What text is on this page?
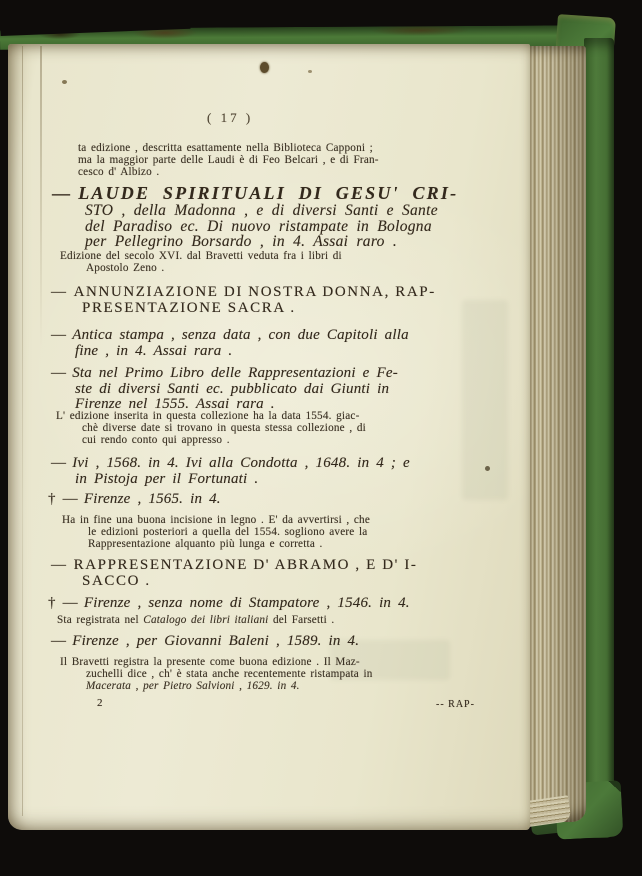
( 17 )
ta edizione , descritta esattamente nella Biblioteca Capponi ;
ma la maggior parte delle Laudi è di Feo Belcari , e di Fran-
cesco d' Albizo .
— LAUDE SPIRITUALI DI GESU' CRI-
STO , della Madonna , e di diversi Santi e Sante
del Paradiso ec. Di nuovo ristampate in Bologna
per Pellegrino Borsardo , in 4. Assai raro .
Edizione del secolo XVI. dal Bravetti veduta fra i libri di
Apostolo Zeno .
— ANNUNZIAZIONE DI NOSTRA DONNA, RAP-
PRESENTAZIONE SACRA .
— Antica stampa , senza data , con due Capitoli alla
fine , in 4. Assai rara .
— Sta nel Primo Libro delle Rappresentazioni e Fe-
ste di diversi Santi ec. pubblicato dai Giunti in
Firenze nel 1555. Assai rara .
L' edizione inserita in questa collezione ha la data 1554. giac-
chè diverse date si trovano in questa stessa collezione , di
cui rendo conto qui appresso .
— Ivi , 1568. in 4. Ivi alla Condotta , 1648. in 4 ; e
in Pistoja per il Fortunati .
† — Firenze , 1565. in 4.
Ha in fine una buona incisione in legno . E' da avvertirsi , che
le edizioni posteriori a quella del 1554. sogliono avere la
Rappresentazione alquanto più lunga e corretta .
— RAPPRESENTAZIONE D' ABRAMO , E D' I-
SACCO .
† — Firenze , senza nome di Stampatore , 1546. in 4.
Sta registrata nel Catalogo dei libri italiani del Farsetti .
— Firenze , per Giovanni Baleni , 1589. in 4.
Il Bravetti registra la presente come buona edizione . Il Maz-
zuchelli dice , ch' è stata anche recentemente ristampata in
Macerata , per Pietro Salvioni , 1629. in 4.
2	-- RAP-
